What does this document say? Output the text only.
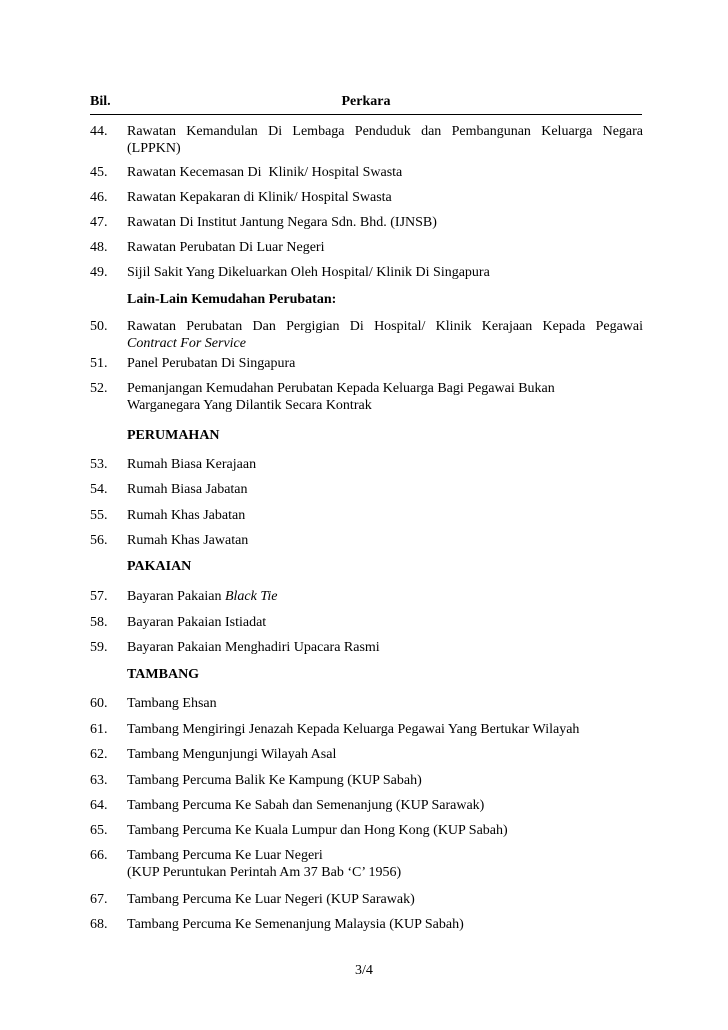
Bil.	Perkara
44.	Rawatan Kemandulan Di Lembaga Penduduk dan Pembangunan Keluarga Negara
(LPPKN)
45.	Rawatan Kecemasan Di  Klinik/ Hospital Swasta
46.	Rawatan Kepakaran di Klinik/ Hospital Swasta
47.	Rawatan Di Institut Jantung Negara Sdn. Bhd. (IJNSB)
48.	Rawatan Perubatan Di Luar Negeri
49.	Sijil Sakit Yang Dikeluarkan Oleh Hospital/ Klinik Di Singapura
Lain-Lain Kemudahan Perubatan:
50.	Rawatan Perubatan Dan Pergigian Di Hospital/ Klinik Kerajaan Kepada Pegawai
Contract For Service
51.	Panel Perubatan Di Singapura
52.	Pemanjangan Kemudahan Perubatan Kepada Keluarga Bagi Pegawai Bukan
Warganegara Yang Dilantik Secara Kontrak
PERUMAHAN
53.	Rumah Biasa Kerajaan
54.	Rumah Biasa Jabatan
55.	Rumah Khas Jabatan
56.	Rumah Khas Jawatan
PAKAIAN
57.	Bayaran Pakaian Black Tie
58.	Bayaran Pakaian Istiadat
59.	Bayaran Pakaian Menghadiri Upacara Rasmi
TAMBANG
60.	Tambang Ehsan
61.	Tambang Mengiringi Jenazah Kepada Keluarga Pegawai Yang Bertukar Wilayah
62.	Tambang Mengunjungi Wilayah Asal
63.	Tambang Percuma Balik Ke Kampung (KUP Sabah)
64.	Tambang Percuma Ke Sabah dan Semenanjung (KUP Sarawak)
65.	Tambang Percuma Ke Kuala Lumpur dan Hong Kong (KUP Sabah)
66.	Tambang Percuma Ke Luar Negeri
(KUP Peruntukan Perintah Am 37 Bab ‘C’ 1956)
67.	Tambang Percuma Ke Luar Negeri (KUP Sarawak)
68.	Tambang Percuma Ke Semenanjung Malaysia (KUP Sabah)
3/4
